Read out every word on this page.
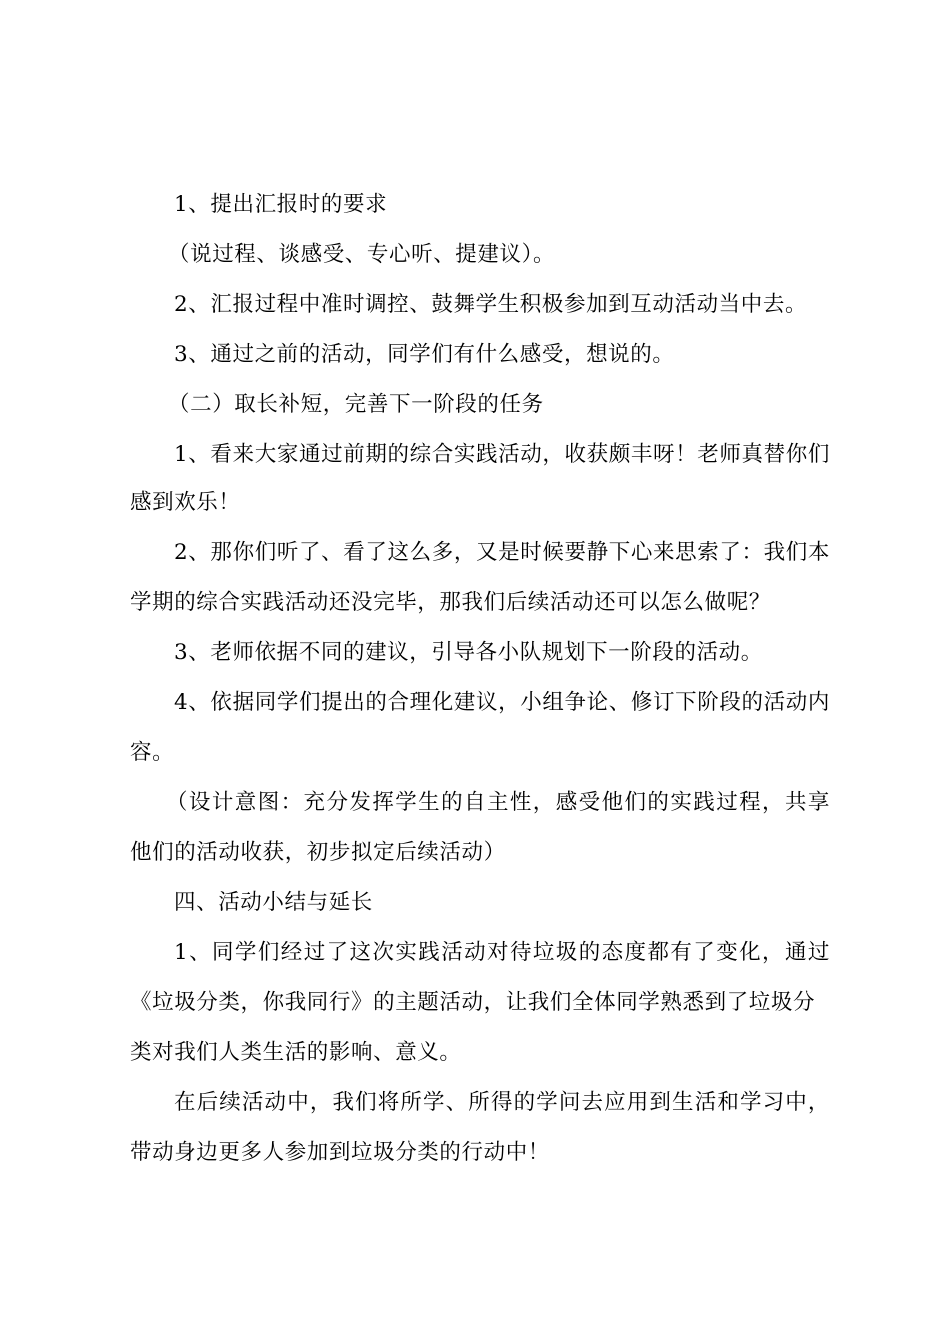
1、提出汇报时的要求
（说过程、谈感受、专心听、提建议）。
2、汇报过程中准时调控、鼓舞学生积极参加到互动活动当中去。
3、通过之前的活动，同学们有什么感受，想说的。
（二）取长补短，完善下一阶段的任务
1、看来大家通过前期的综合实践活动，收获颇丰呀！老师真替你们
感到欢乐！
2、那你们听了、看了这么多，又是时候要静下心来思索了：我们本
学期的综合实践活动还没完毕，那我们后续活动还可以怎么做呢？
3、老师依据不同的建议，引导各小队规划下一阶段的活动。
4、依据同学们提出的合理化建议，小组争论、修订下阶段的活动内
容。
（设计意图：充分发挥学生的自主性，感受他们的实践过程，共享
他们的活动收获，初步拟定后续活动）
四、活动小结与延长
1、同学们经过了这次实践活动对待垃圾的态度都有了变化，通过
《垃圾分类，你我同行》的主题活动，让我们全体同学熟悉到了垃圾分
类对我们人类生活的影响、意义。
在后续活动中，我们将所学、所得的学问去应用到生活和学习中，
带动身边更多人参加到垃圾分类的行动中！
